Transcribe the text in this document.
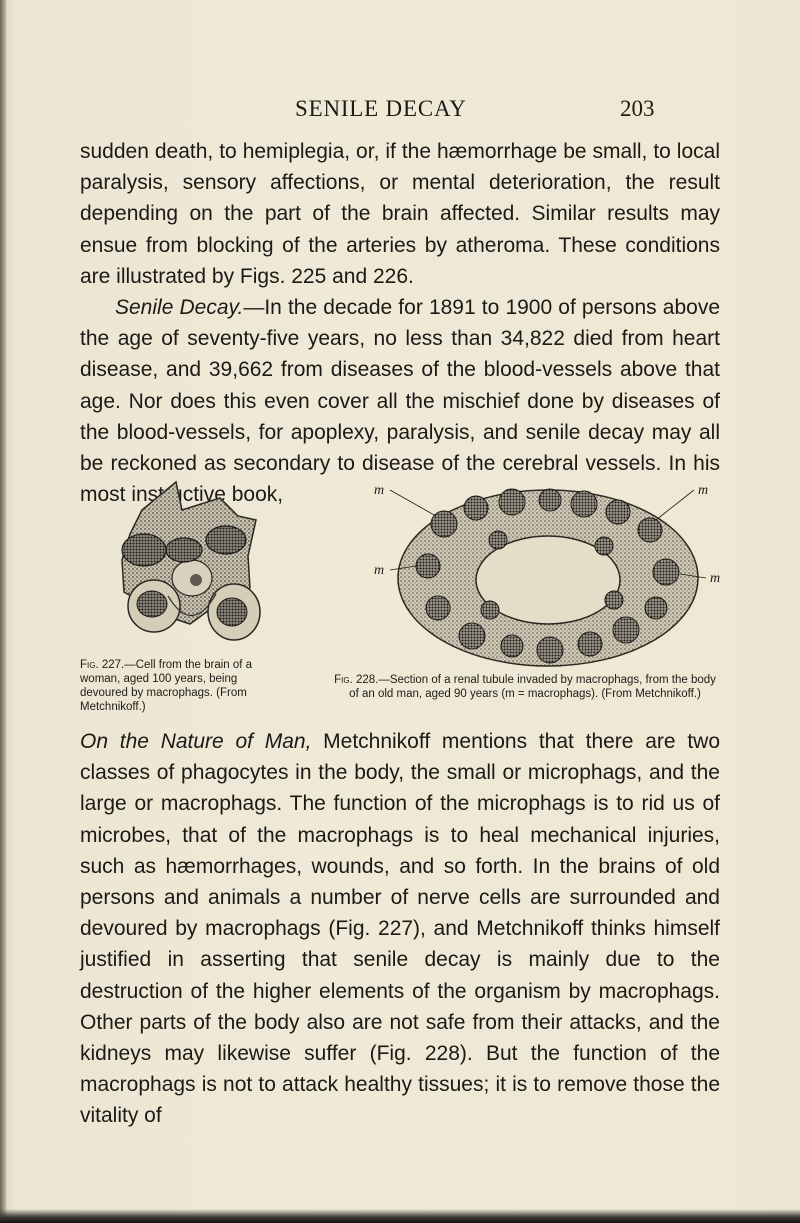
SENILE DECAY	203

sudden death, to hemiplegia, or, if the hæmorrhage be small, to local paralysis, sensory affections, or mental deterioration, the result depending on the part of the brain affected. Similar results may ensue from blocking of the arteries by atheroma. These conditions are illustrated by Figs. 225 and 226.

Senile Decay.—In the decade for 1891 to 1900 of persons above the age of seventy-five years, no less than 34,822 died from heart disease, and 39,662 from diseases of the blood-vessels above that age. Nor does this even cover all the mischief done by diseases of the blood-vessels, for apoplexy, paralysis, and senile decay may all be reckoned as secondary to disease of the cerebral vessels. In his most instructive book,	m	m
m
m
Fig. 227.—Cell from the brain of a woman, aged 100 years, being devoured by macrophags. (From Metchnikoff.)
Fig. 228.—Section of a renal tubule invaded by macrophags, from the body of an old man, aged 90 years (m = macrophags). (From Metchnikoff.)

On the Nature of Man, Metchnikoff mentions that there are two classes of phagocytes in the body, the small or microphags, and the large or macrophags. The function of the microphags is to rid us of microbes, that of the macrophags is to heal mechanical injuries, such as hæmorrhages, wounds, and so forth. In the brains of old persons and animals a number of nerve cells are surrounded and devoured by macrophags (Fig. 227), and Metchnikoff thinks himself justified in asserting that senile decay is mainly due to the destruction of the higher elements of the organism by macrophags. Other parts of the body also are not safe from their attacks, and the kidneys may likewise suffer (Fig. 228). But the function of the macrophags is not to attack healthy tissues; it is to remove those the vitality of
